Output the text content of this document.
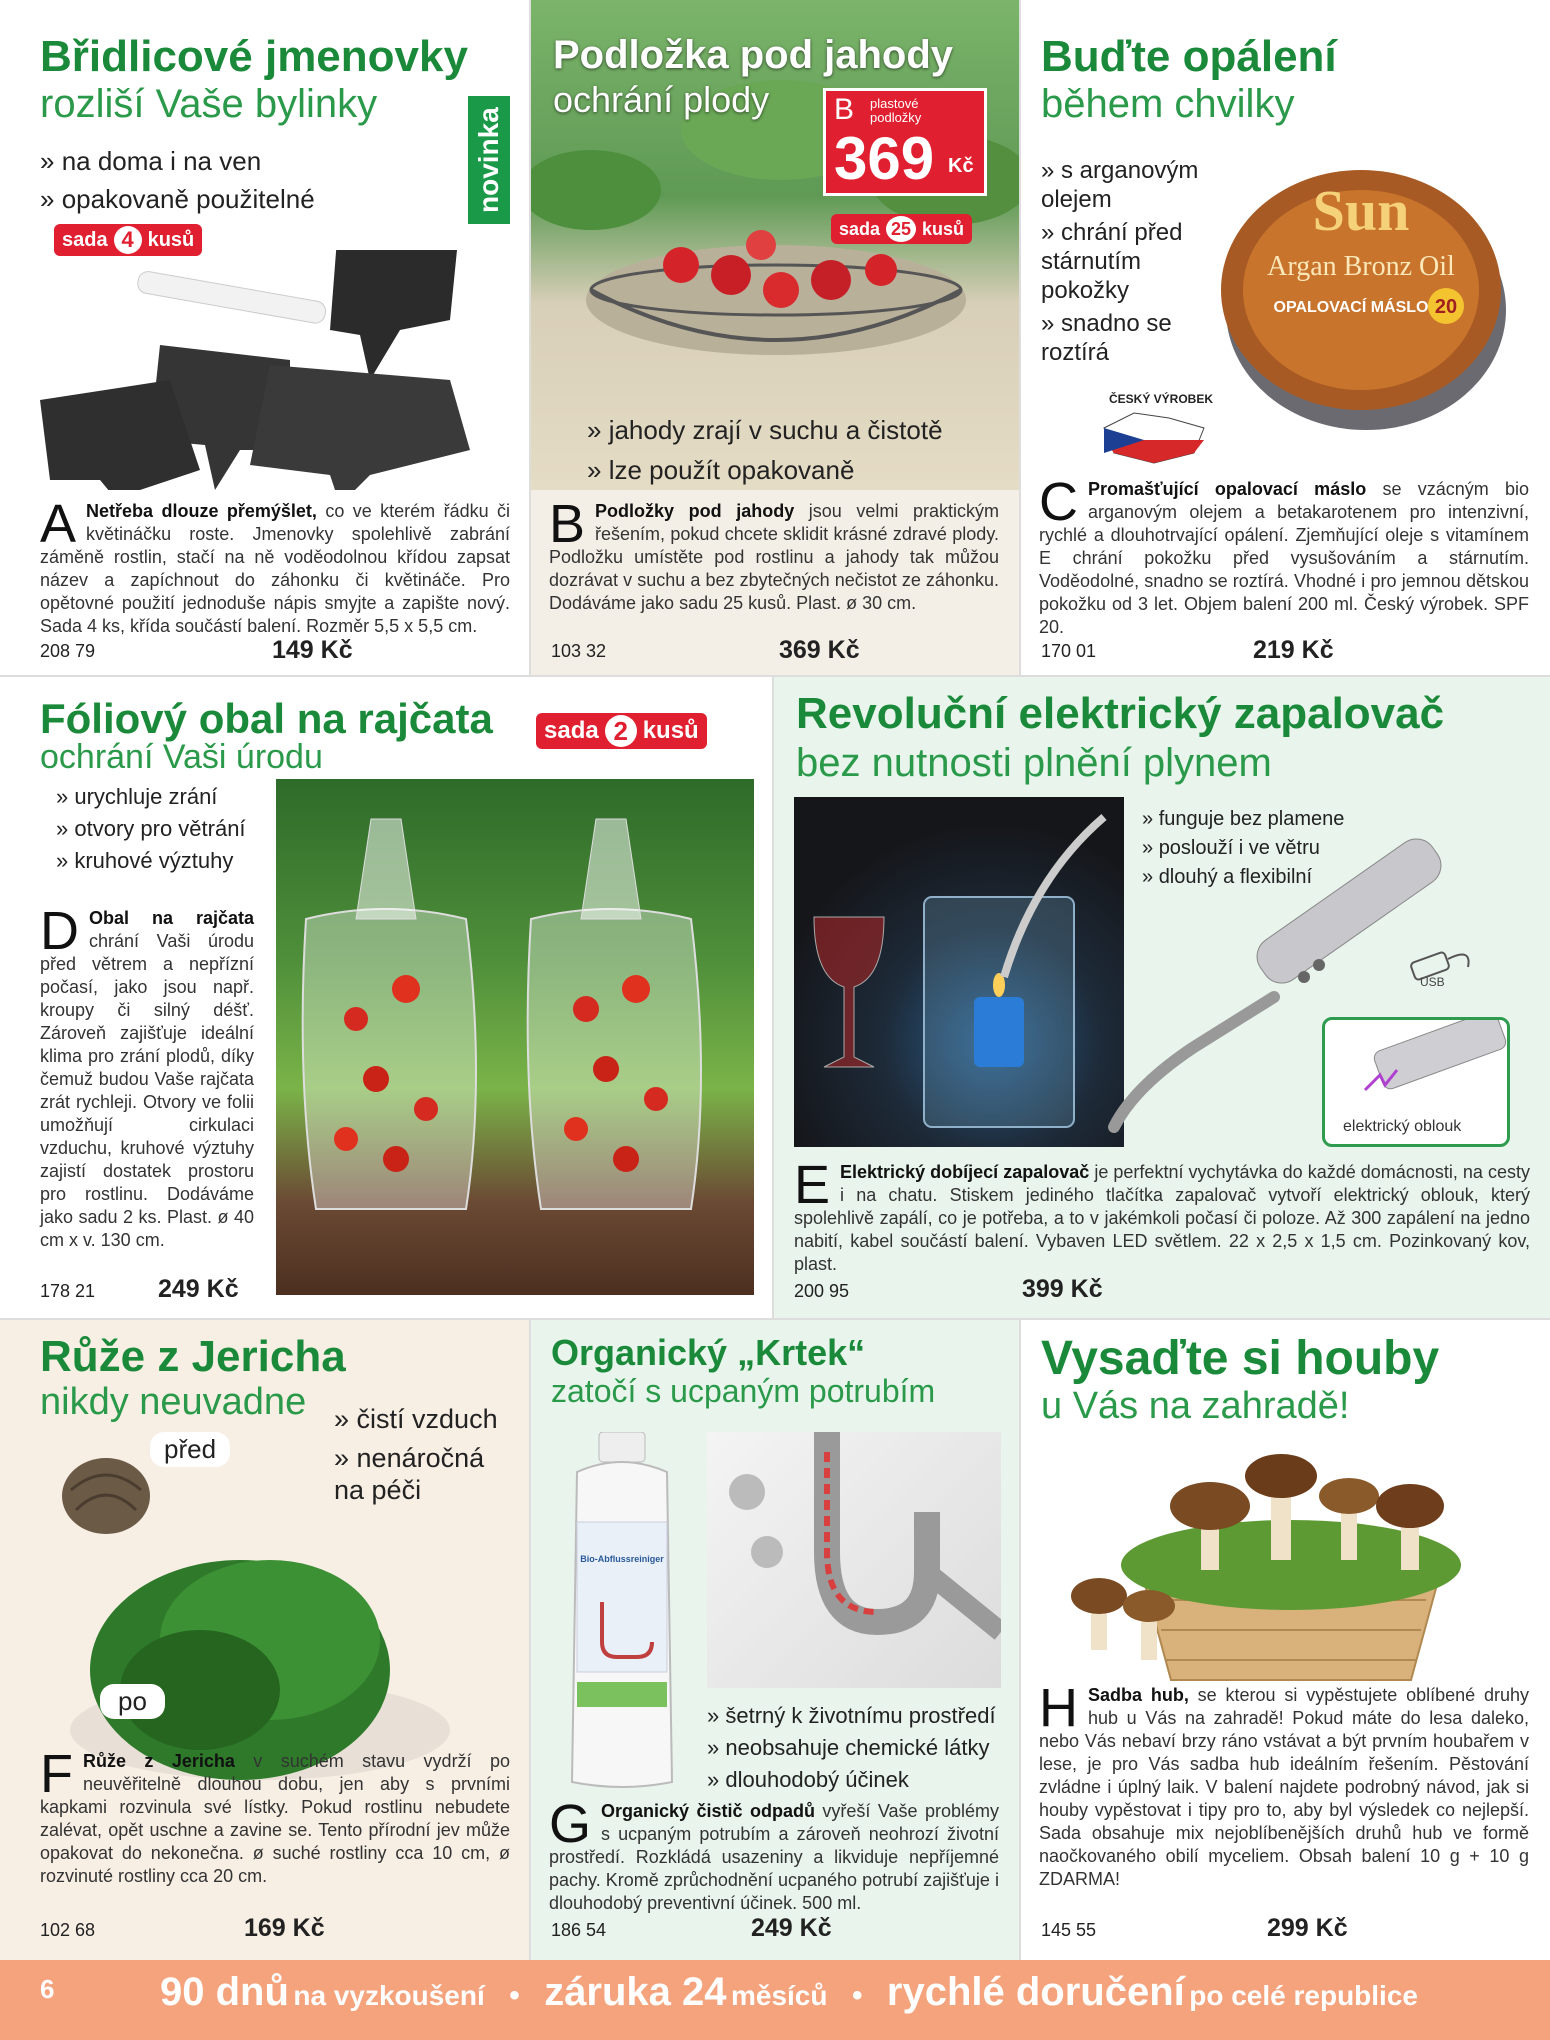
Břidlicové jmenovky
rozliší Vaše bylinky
» na doma i na ven
» opakovaně použitelné	novinka
sada 4 kusů
A Netřeba dlouze přemýšlet, co ve kterém řádku či květináčku roste. Jmenovky spolehlivě zabrání záměně rostlin, stačí na ně voděodolnou křídou zapsat název a zapíchnout do záhonku či květináče. Pro opětovné použití jednoduše nápis smyjte a zapište nový. Sada 4 ks, křída součástí balení. Rozměr 5,5 x 5,5 cm.
208 79	149 Kč
Podložka pod jahody
ochrání plody B plastové podložky
369 Kč
sada 25 kusů
» jahody zrají v suchu a čistotě
» lze použít opakovaně
B Podložky pod jahody jsou velmi praktickým řešením, pokud chcete sklidit krásné zdravé plody. Podložku umístěte pod rostlinu a jahody tak můžou dozrávat v suchu a bez zbytečných nečistot ze záhonku. Dodáváme jako sadu 25 kusů. Plast. ø 30 cm.
103 32	369 Kč
Buďte opálení
během chvilky
» s arganovým olejem
» chrání před stárnutím pokožky
» snadno se roztírá
Sun
Argan Bronz Oil
OPALOVACÍ MÁSLO 20
ČESKÝ VÝROBEK
C Promašťující opalovací máslo se vzácným bio arganovým olejem a betakarotenem pro intenzivní, rychlé a dlouhotrvající opálení. Zjemňující oleje s vitamínem E chrání pokožku před vysušováním a stárnutím. Voděodolné, snadno se roztírá. Vhodné i pro jemnou dětskou pokožku od 3 let. Objem balení 200 ml. Český výrobek. SPF 20.
170 01	219 Kč
Fóliový obal na rajčata
ochrání Vaši úrodu
sada 2 kusů
» urychluje zrání
» otvory pro větrání
» kruhové výztuhy
D Obal na rajčata chrání Vaši úrodu před větrem a nepřízní počasí, jako jsou např. kroupy či silný déšť. Zároveň zajišťuje ideální klima pro zrání plodů, díky čemuž budou Vaše rajčata zrát rychleji. Otvory ve folii umožňují cirkulaci vzduchu, kruhové výztuhy zajistí dostatek prostoru pro rostlinu. Dodáváme jako sadu 2 ks. Plast. ø 40 cm x v. 130 cm.
178 21	249 Kč
Revoluční elektrický zapalovač
bez nutnosti plnění plynem
» funguje bez plamene
» poslouží i ve větru
» dlouhý a flexibilní
USB
elektrický oblouk
E Elektrický dobíjecí zapalovač je perfektní vychytávka do každé domácnosti, na cesty i na chatu. Stiskem jediného tlačítka zapalovač vytvoří elektrický oblouk, který spolehlivě zapálí, co je potřeba, a to v jakémkoli počasí či poloze. Až 300 zapálení na jedno nabití, kabel součástí balení. Vybaven LED světlem. 22 x 2,5 x 1,5 cm. Pozinkovaný kov, plast.
200 95	399 Kč
Růže z Jericha
nikdy neuvadne
»	čistí vzduch
» nenáročná na péči
před
po
F Růže z Jericha v suchém stavu vydrží po neuvěřitelně dlouhou dobu, jen aby s prvními kapkami rozvinula své lístky. Pokud rostlinu nebudete zalévat, opět uschne a zavine se. Tento přírodní jev může opakovat do nekonečna. ø suché rostliny cca 10 cm, ø rozvinuté rostliny cca 20 cm.
102 68	169 Kč
Organický „Krtek“
zatočí s ucpaným potrubím
Bio-Abflussreiniger
» šetrný k životnímu prostředí
» neobsahuje chemické látky
» dlouhodobý účinek
G Organický čistič odpadů vyřeší Vaše problémy s ucpaným potrubím a zároveň neohrozí životní prostředí. Rozkládá usazeniny a likviduje nepříjemné pachy. Kromě zprůchodnění ucpaného potrubí zajišťuje i dlouhodobý preventivní účinek. 500 ml.
186 54	249 Kč
Vysaďte si houby
u Vás na zahradě!
H Sadba hub, se kterou si vypěstujete oblíbené druhy hub u Vás na zahradě! Pokud máte do lesa daleko, nebo Vás nebaví brzy ráno vstávat a být prvním houbařem v lese, je pro Vás sadba hub ideálním řešením. Pěstování zvládne i úplný laik. V balení najdete podrobný návod, jak si houby vypěstovat i tipy pro to, aby byl výsledek co nejlepší. Sada obsahuje mix nejoblíbenějších druhů hub ve formě naočkovaného obilí myceliem. Obsah balení 10 g + 10 g ZDARMA!
145 55	299 Kč
6	90 dnů na vyzkoušení • záruka 24 měsíců • rychlé doručení po celé republice
